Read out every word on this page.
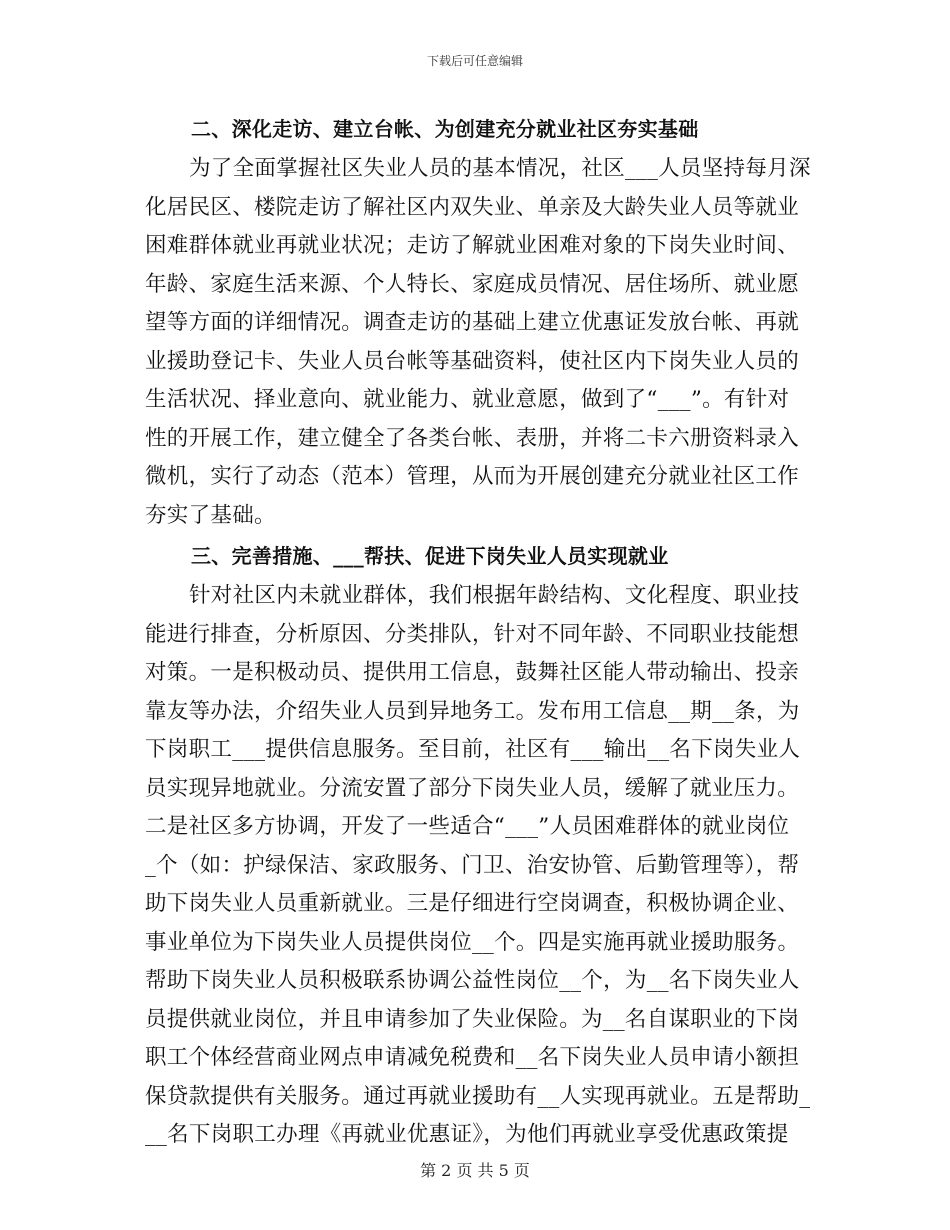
下载后可任意编辑
二、深化走访、建立台帐、为创建充分就业社区夯实基础
为了全面掌握社区失业人员的基本情况，社区___人员坚持每月深
化居民区、楼院走访了解社区内双失业、单亲及大龄失业人员等就业
困难群体就业再就业状况；走访了解就业困难对象的下岗失业时间、
年龄、家庭生活来源、个人特长、家庭成员情况、居住场所、就业愿
望等方面的详细情况。调查走访的基础上建立优惠证发放台帐、再就
业援助登记卡、失业人员台帐等基础资料，使社区内下岗失业人员的
生活状况、择业意向、就业能力、就业意愿，做到了“___”。有针对
性的开展工作，建立健全了各类台帐、表册，并将二卡六册资料录入
微机，实行了动态（范本）管理，从而为开展创建充分就业社区工作
夯实了基础。
三、完善措施、___帮扶、促进下岗失业人员实现就业
针对社区内未就业群体，我们根据年龄结构、文化程度、职业技
能进行排查，分析原因、分类排队，针对不同年龄、不同职业技能想
对策。一是积极动员、提供用工信息，鼓舞社区能人带动输出、投亲
靠友等办法，介绍失业人员到异地务工。发布用工信息__期__条，为
下岗职工___提供信息服务。至目前，社区有___输出__名下岗失业人
员实现异地就业。分流安置了部分下岗失业人员，缓解了就业压力。
二是社区多方协调，开发了一些适合“___”人员困难群体的就业岗位
_个（如：护绿保洁、家政服务、门卫、治安协管、后勤管理等），帮
助下岗失业人员重新就业。三是仔细进行空岗调查，积极协调企业、
事业单位为下岗失业人员提供岗位__个。四是实施再就业援助服务。
帮助下岗失业人员积极联系协调公益性岗位__个，为__名下岗失业人
员提供就业岗位，并且申请参加了失业保险。为__名自谋职业的下岗
职工个体经营商业网点申请减免税费和__名下岗失业人员申请小额担
保贷款提供有关服务。通过再就业援助有__人实现再就业。五是帮助_
__名下岗职工办理《再就业优惠证》，为他们再就业享受优惠政策提
第 2 页 共 5 页
